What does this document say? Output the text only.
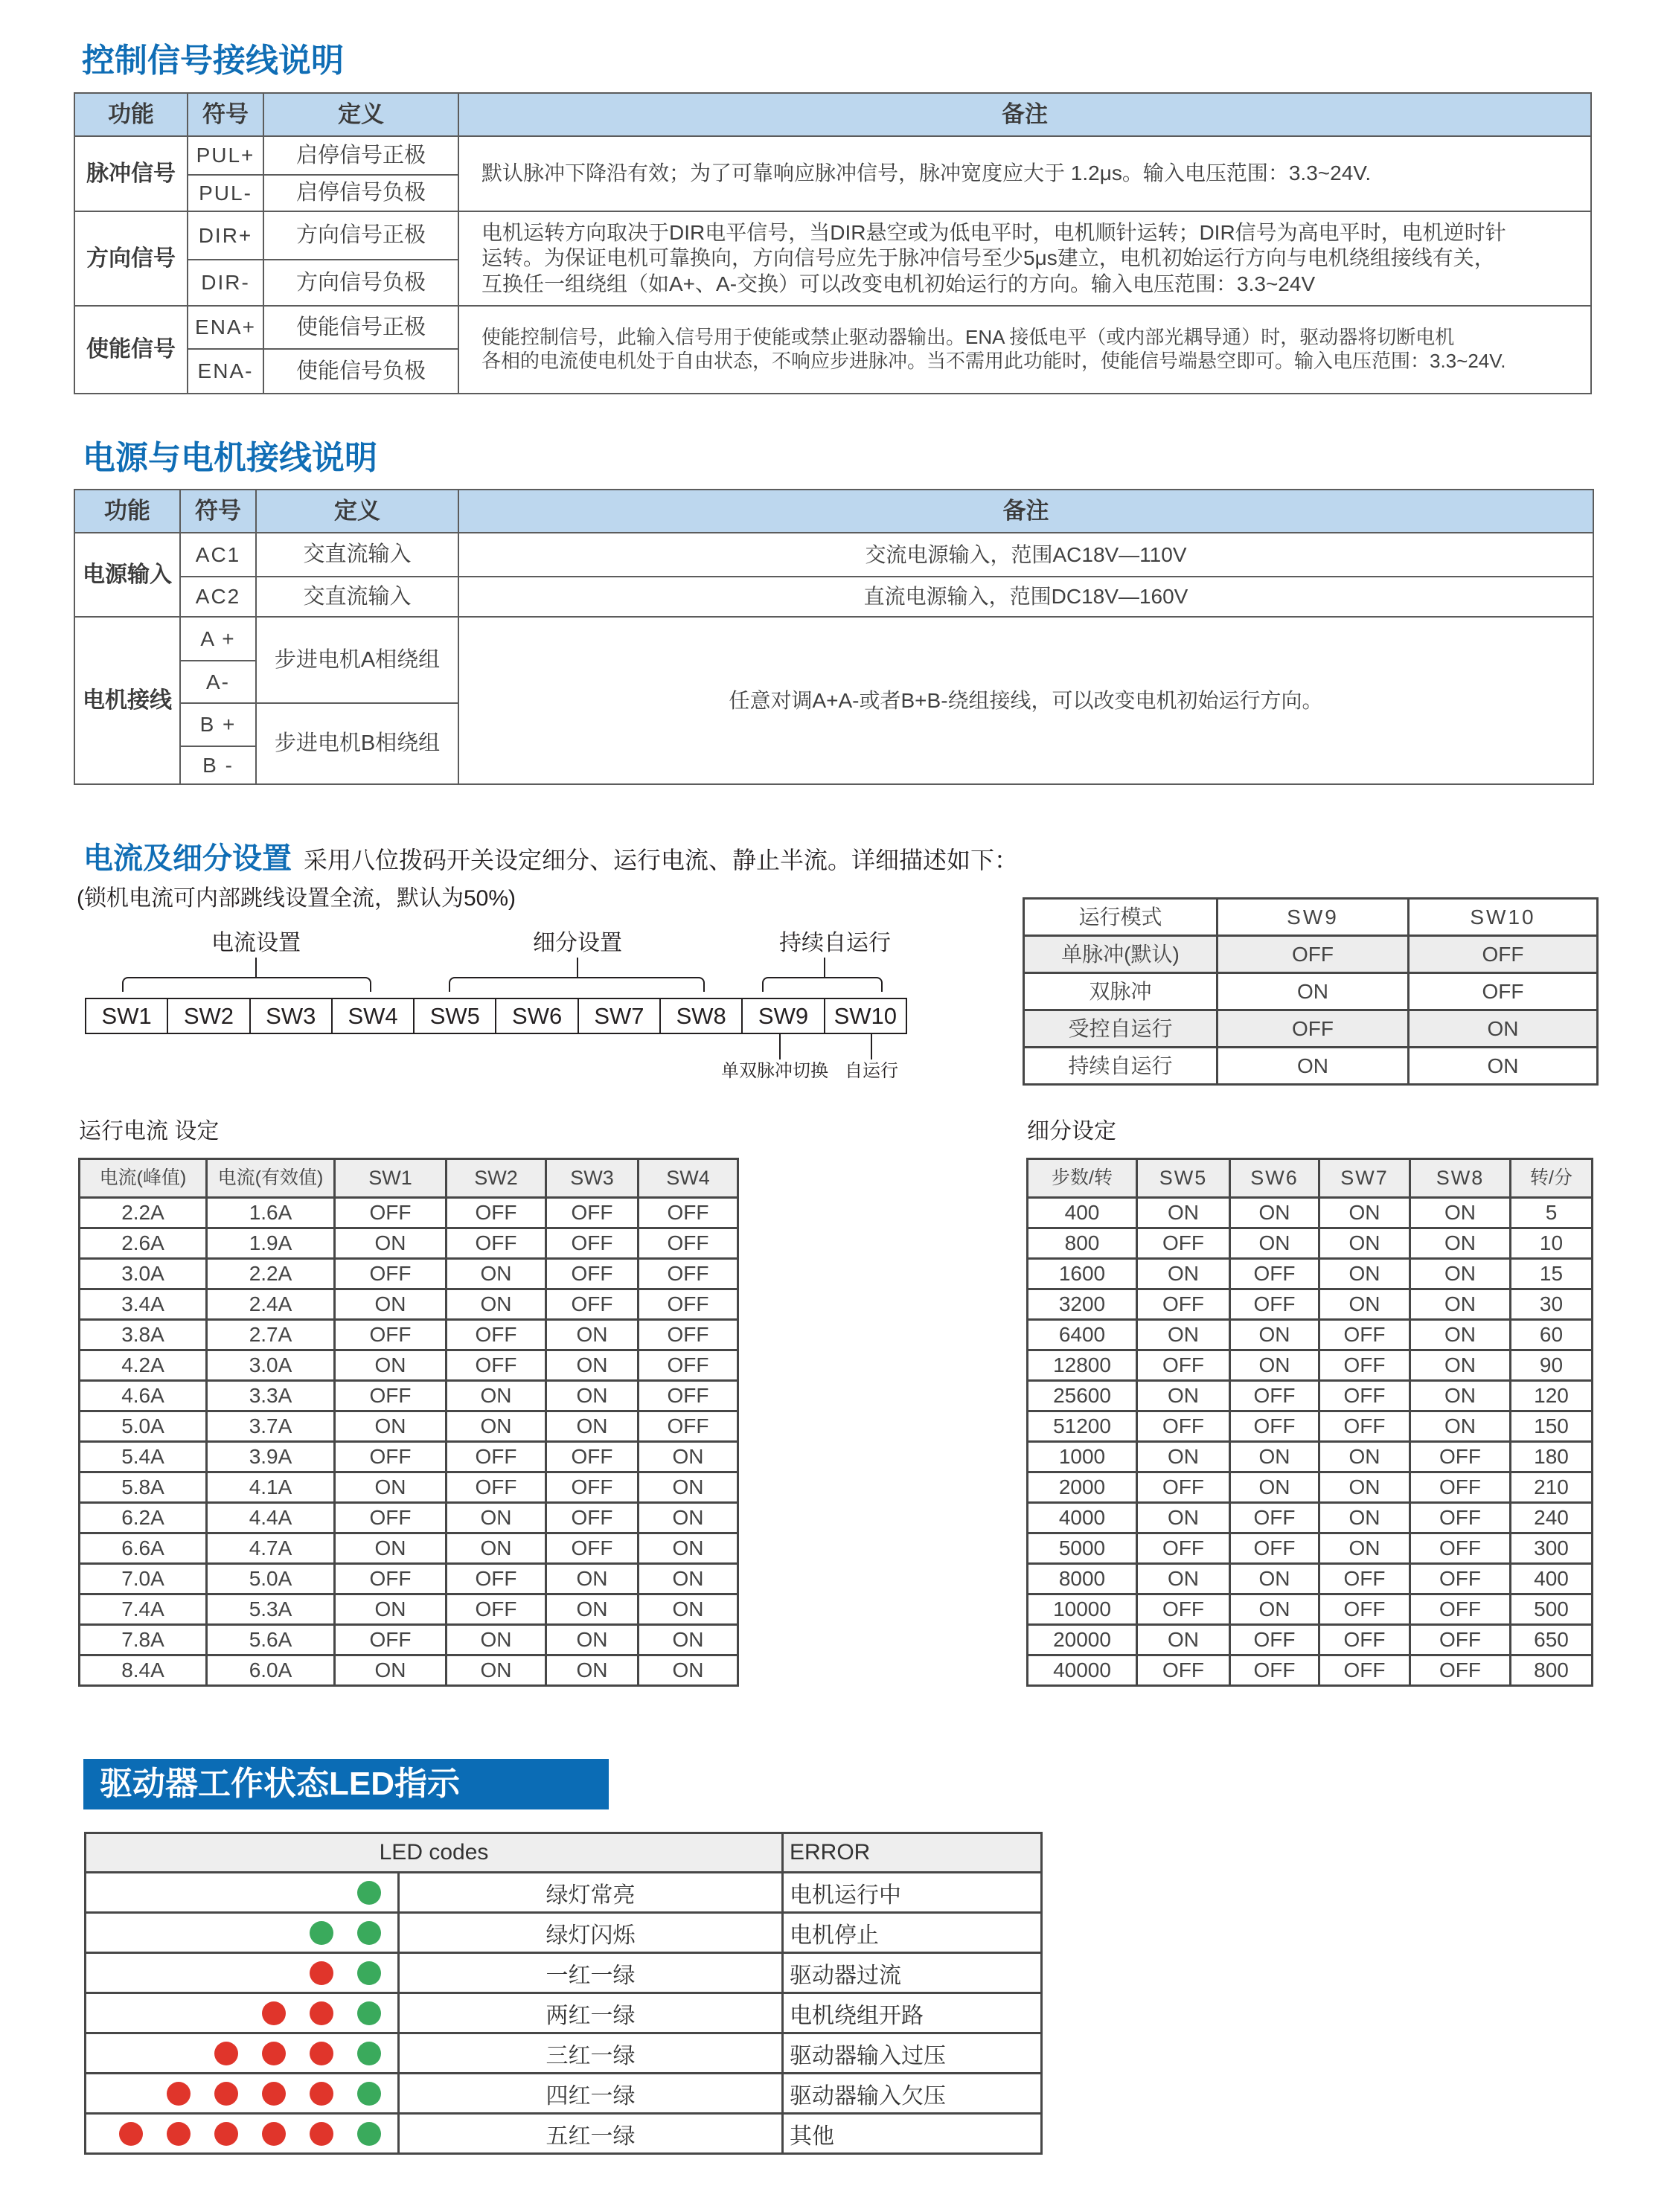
控制信号接线说明
功能	符号	定义	备注
脉冲信号	PUL+	启停信号正极	默认脉冲下降沿有效；为了可靠响应脉冲信号，脉冲宽度应大于 1.2μs。输入电压范围：3.3~24V.

	PUL-	启停信号负极	
方向信号	DIR+	方向信号正极	电机运转方向取决于DIR电平信号，当DIR悬空或为低电平时，电机顺针运转；DIR信号为高电平时，电机逆时针
运转。为保证电机可靠换向，方向信号应先于脉冲信号至少5μs建立，电机初始运行方向与电机绕组接线有关，
互换任一组绕组（如A+、A-交换）可以改变电机初始运行的方向。输入电压范围：3.3~24V

	DIR-	方向信号负极	
使能信号	ENA+	使能信号正极	使能控制信号，此输入信号用于使能或禁止驱动器输出。ENA 接低电平（或内部光耦导通）时，驱动器将切断电机
各相的电流使电机处于自由状态，不响应步进脉冲。当不需用此功能时，使能信号端悬空即可。输入电压范围：3.3~24V.

	ENA-	使能信号负极	
电源与电机接线说明
功能	符号	定义	备注
电源输入	AC1	交直流输入	交流电源输入，范围AC18V—110V
	AC2	交直流输入	直流电源输入，范围DC18V—160V
电机接线	A +	步进电机A相绕组	任意对调A+A-或者B+B-绕组接线，可以改变电机初始运行方向。
	A-		
	B +	步进电机B相绕组	
	B -		
电流及细分设置 采用八位拨码开关设定细分、运行电流、静止半流。详细描述如下：
(锁机电流可内部跳线设置全流，默认为50%)
电流设置	细分设置	持续自运行
SW1	SW2	SW3	SW4	SW5	SW6	SW7	SW8	SW9	SW10
单双脉冲切换 自运行
运行模式	SW9	SW10
单脉冲(默认)	OFF	OFF
双脉冲	ON	OFF
受控自运行	OFF	ON
持续自运行	ON	ON
运行电流 设定
电流(峰值)	电流(有效值)	SW1	SW2	SW3	SW4
2.2A	1.6A	OFF	OFF	OFF	OFF
2.6A	1.9A	ON	OFF	OFF	OFF
3.0A	2.2A	OFF	ON	OFF	OFF
3.4A	2.4A	ON	ON	OFF	OFF
3.8A	2.7A	OFF	OFF	ON	OFF
4.2A	3.0A	ON	OFF	ON	OFF
4.6A	3.3A	OFF	ON	ON	OFF
5.0A	3.7A	ON	ON	ON	OFF
5.4A	3.9A	OFF	OFF	OFF	ON
5.8A	4.1A	ON	OFF	OFF	ON
6.2A	4.4A	OFF	ON	OFF	ON
6.6A	4.7A	ON	ON	OFF	ON
7.0A	5.0A	OFF	OFF	ON	ON
7.4A	5.3A	ON	OFF	ON	ON
7.8A	5.6A	OFF	ON	ON	ON
8.4A	6.0A	ON	ON	ON	ON
细分设定
步数/转	SW5	SW6	SW7	SW8	转/分
400	ON	ON	ON	ON	5
800	OFF	ON	ON	ON	10
1600	ON	OFF	ON	ON	15
3200	OFF	OFF	ON	ON	30
6400	ON	ON	OFF	ON	60
12800	OFF	ON	OFF	ON	90
25600	ON	OFF	OFF	ON	120
51200	OFF	OFF	OFF	ON	150
1000	ON	ON	ON	OFF	180
2000	OFF	ON	ON	OFF	210
4000	ON	OFF	ON	OFF	240
5000	OFF	OFF	ON	OFF	300
8000	ON	ON	OFF	OFF	400
10000	OFF	ON	OFF	OFF	500
20000	ON	OFF	OFF	OFF	650
40000	OFF	OFF	OFF	OFF	800
驱动器工作状态LED指示
LED codes		ERROR
	绿灯常亮	电机运行中
	绿灯闪烁	电机停止
	一红一绿	驱动器过流
	两红一绿	电机绕组开路
	三红一绿	驱动器输入过压
	四红一绿	驱动器输入欠压
	五红一绿	其他
